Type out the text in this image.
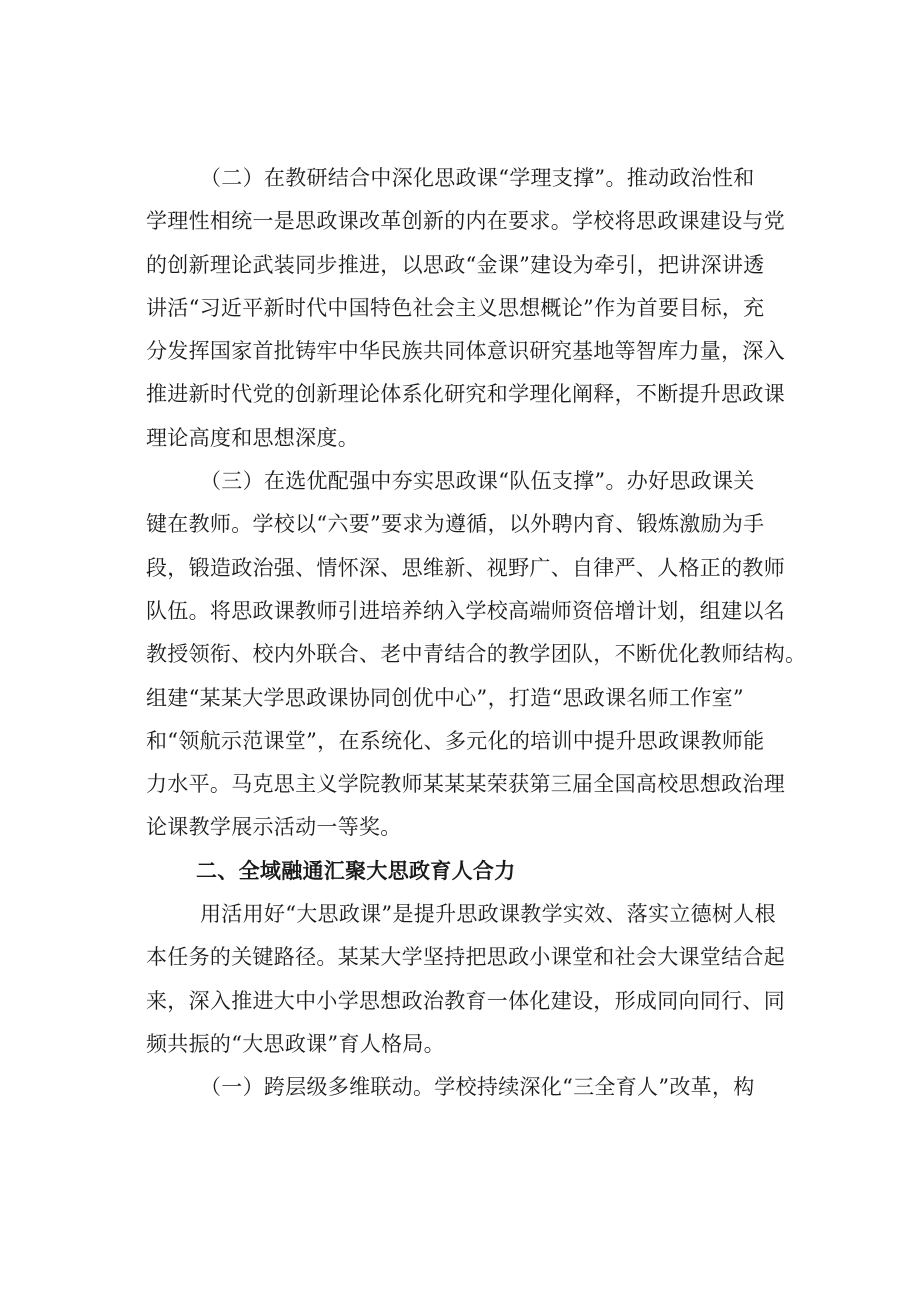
（二）在教研结合中深化思政课“学理支撑”。推动政治性和
学理性相统一是思政课改革创新的内在要求。学校将思政课建设与党
的创新理论武装同步推进，以思政“金课”建设为牵引，把讲深讲透
讲活“习近平新时代中国特色社会主义思想概论”作为首要目标，充
分发挥国家首批铸牢中华民族共同体意识研究基地等智库力量，深入
推进新时代党的创新理论体系化研究和学理化阐释，不断提升思政课
理论高度和思想深度。
（三）在选优配强中夯实思政课“队伍支撑”。办好思政课关
键在教师。学校以“六要”要求为遵循，以外聘内育、锻炼激励为手
段，锻造政治强、情怀深、思维新、视野广、自律严、人格正的教师
队伍。将思政课教师引进培养纳入学校高端师资倍增计划，组建以名
教授领衔、校内外联合、老中青结合的教学团队，不断优化教师结构。
组建“某某大学思政课协同创优中心”，打造“思政课名师工作室”
和“领航示范课堂”，在系统化、多元化的培训中提升思政课教师能
力水平。马克思主义学院教师某某某荣获第三届全国高校思想政治理
论课教学展示活动一等奖。
二、全域融通汇聚大思政育人合力
用活用好“大思政课”是提升思政课教学实效、落实立德树人根
本任务的关键路径。某某大学坚持把思政小课堂和社会大课堂结合起
来，深入推进大中小学思想政治教育一体化建设，形成同向同行、同
频共振的“大思政课”育人格局。
（一）跨层级多维联动。学校持续深化“三全育人”改革，构
